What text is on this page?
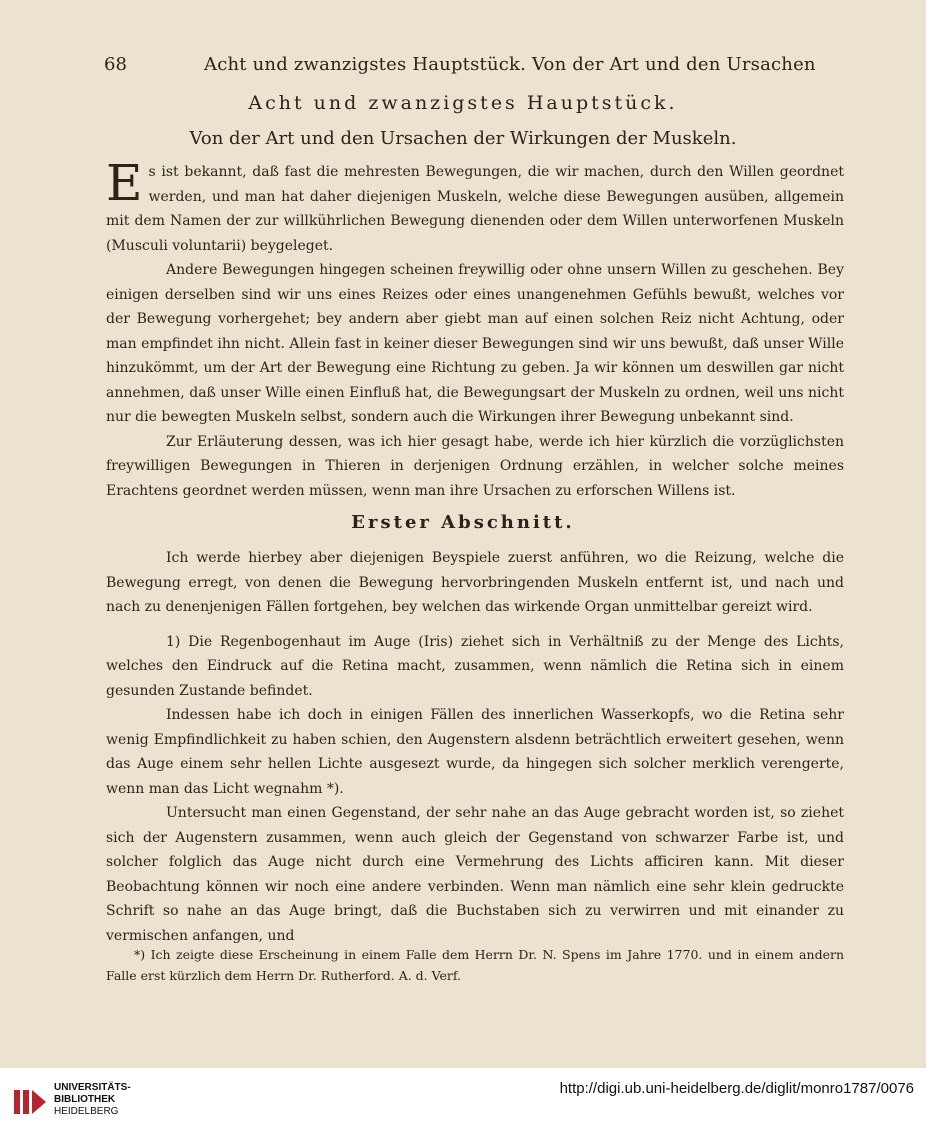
68	Acht und zwanzigstes Hauptstück. Von der Art und den Ursachen
Acht und zwanzigstes Hauptstück.
Von der Art und den Ursachen der Wirkungen der Muskeln.

Es ist bekannt, daß fast die mehresten Bewegungen, die wir machen, durch den Willen geordnet werden, und man hat daher diejenigen Muskeln, welche diese Bewegungen ausüben, allgemein mit dem Namen der zur willkührlichen Bewegung dienenden oder dem Willen unterworfenen Muskeln (Musculi voluntarii) beygeleget.

Andere Bewegungen hingegen scheinen freywillig oder ohne unsern Willen zu geschehen. Bey einigen derselben sind wir uns eines Reizes oder eines unangenehmen Gefühls bewußt, welches vor der Bewegung vorhergehet; bey andern aber giebt man auf einen solchen Reiz nicht Achtung, oder man empfindet ihn nicht. Allein fast in keiner dieser Bewegungen sind wir uns bewußt, daß unser Wille hinzukömmt, um der Art der Bewegung eine Richtung zu geben. Ja wir können um deswillen gar nicht annehmen, daß unser Wille einen Einfluß hat, die Bewegungsart der Muskeln zu ordnen, weil uns nicht nur die bewegten Muskeln selbst, sondern auch die Wirkungen ihrer Bewegung unbekannt sind.

Zur Erläuterung dessen, was ich hier gesagt habe, werde ich hier kürzlich die vorzüglichsten freywilligen Bewegungen in Thieren in derjenigen Ordnung erzählen, in welcher solche meines Erachtens geordnet werden müssen, wenn man ihre Ursachen zu erforschen Willens ist.

Erster Abschnitt.

Ich werde hierbey aber diejenigen Beyspiele zuerst anführen, wo die Reizung, welche die Bewegung erregt, von denen die Bewegung hervorbringenden Muskeln entfernt ist, und nach und nach zu denenjenigen Fällen fortgehen, bey welchen das wirkende Organ unmittelbar gereizt wird.

1) Die Regenbogenhaut im Auge (Iris) ziehet sich in Verhältniß zu der Menge des Lichts, welches den Eindruck auf die Retina macht, zusammen, wenn nämlich die Retina sich in einem gesunden Zustande befindet.

Indessen habe ich doch in einigen Fällen des innerlichen Wasserkopfs, wo die Retina sehr wenig Empfindlichkeit zu haben schien, den Augenstern alsdenn beträchtlich erweitert gesehen, wenn das Auge einem sehr hellen Lichte ausgesezt wurde, da hingegen sich solcher merklich verengerte, wenn man das Licht wegnahm *).

Untersucht man einen Gegenstand, der sehr nahe an das Auge gebracht worden ist, so ziehet sich der Augenstern zusammen, wenn auch gleich der Gegenstand von schwarzer Farbe ist, und solcher folglich das Auge nicht durch eine Vermehrung des Lichts afficiren kann. Mit dieser Beobachtung können wir noch eine andere verbinden. Wenn man nämlich eine sehr klein gedruckte Schrift so nahe an das Auge bringt, daß die Buchstaben sich zu verwirren und mit einander zu vermischen anfangen, und

*) Ich zeigte diese Erscheinung in einem Falle dem Herrn Dr. N. Spens im Jahre 1770. und in einem andern Falle erst kürzlich dem Herrn Dr. Rutherford. A. d. Verf.

UNIVERSITÄTS-
BIBLIOTHEK
HEIDELBERG
http://digi.ub.uni-heidelberg.de/diglit/monro1787/0076
